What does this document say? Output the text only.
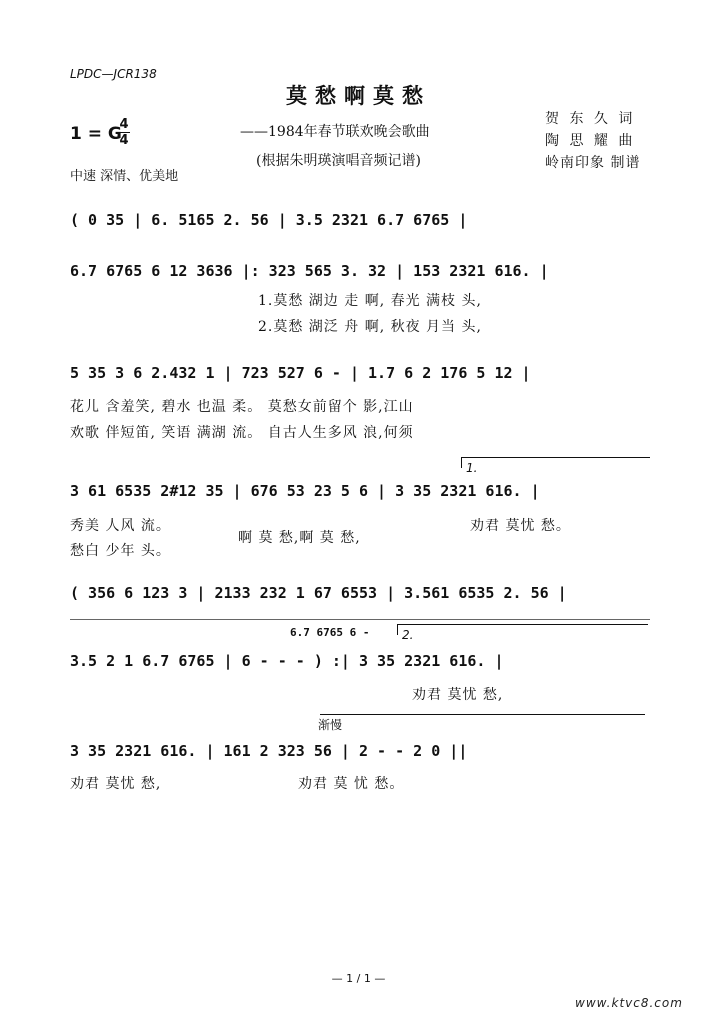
LPDC—JCR138
莫愁啊莫愁
——1984年春节联欢晚会歌曲
(根据朱明瑛演唱音频记谱)
贺 东 久 词
陶 思 耀 曲
岭南印象 制谱
1 = G
4
4
中速 深情、优美地
( 0 35 | 6. 5165 2. 56 | 3.5 2321 6.7 6765 |
6.7 6765 6 12 3636 |: 323 565 3. 32 | 153 2321 616. |
1.莫愁 湖边 走 啊, 春光 满枝 头,
2.莫愁 湖泛 舟 啊, 秋夜 月当 头,
5 35 3 6 2.432 1 | 723 527 6 - | 1.7 6 2 176 5 12 |
花儿 含羞笑, 碧水 也温 柔。 莫愁女前留个 影,江山
欢歌 伴短笛, 笑语 满湖 流。 自古人生多风 浪,何须
1.
3 61 6535 2#12 35 | 676 53 23 5 6 | 3 35 2321 616. |
秀美 人风 流。
愁白 少年 头。
啊 莫 愁,啊 莫 愁,
劝君 莫忧 愁。
( 356 6 123 3 | 2133 232 1 67 6553 | 3.561 6535 2. 56 |
6.7 6765 6 -	2.
3.5 2 1 6.7 6765 | 6 - - - ) :| 3 35 2321 616. |
劝君 莫忧 愁,
渐慢
3 35 2321 616. | 161 2 323 56 | 2 - - 2 0 ||
劝君 莫忧 愁,	劝君 莫 忧 愁。
— 1 / 1 —
www.ktvc8.com
